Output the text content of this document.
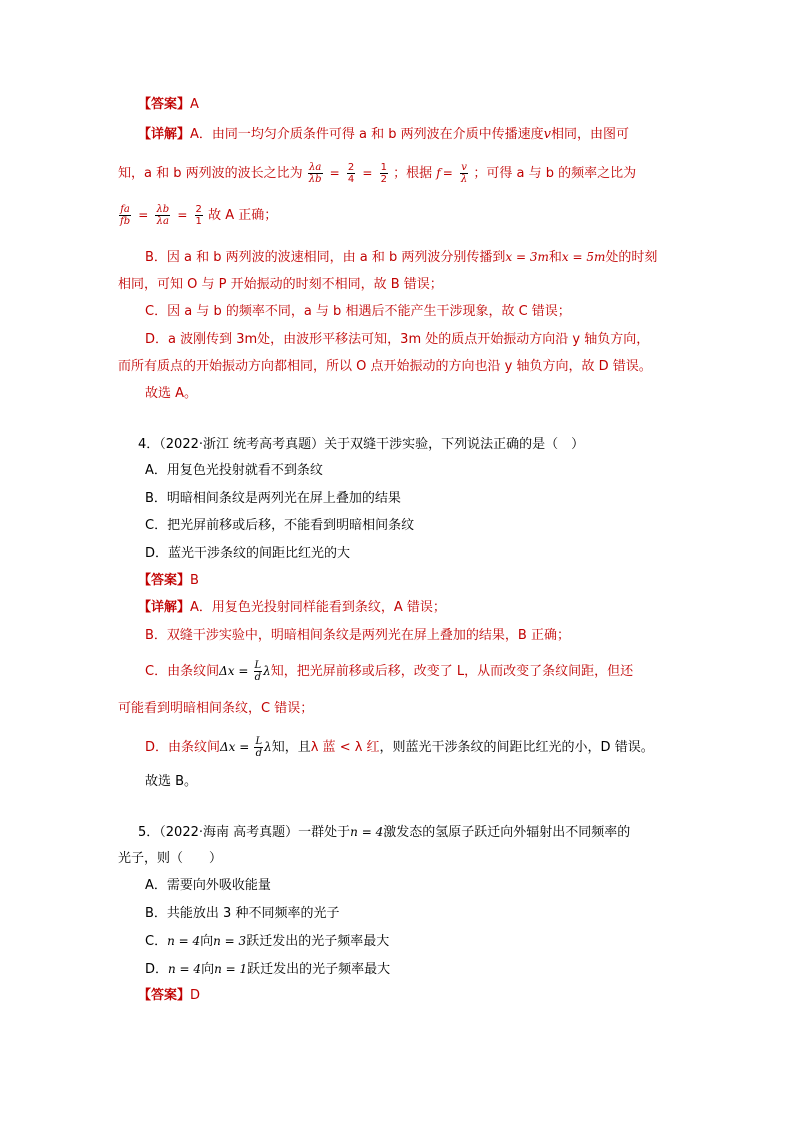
【答案】A
【详解】A．由同一均匀介质条件可得 a 和 b 两列波在介质中传播速度v相同，由图可
知，a 和 b 两列波的波长之比为 $\frac{\lambda a}{\lambda b} = \frac{2}{4} = \frac{1}{2}$ ；根据 $f = \frac{v}{\lambda}$ ；可得 a 与 b 的频率之比为
$\frac{fa}{fb} = \frac{\lambda b}{\lambda a} = \frac{2}{1}$ 故 A 正确；
B．因 a 和 b 两列波的波速相同，由 a 和 b 两列波分别传播到x = 3m和x = 5m处的时刻
相同，可知 O 与 P 开始振动的时刻不相同，故 B 错误；
C．因 a 与 b 的频率不同，a 与 b 相遇后不能产生干涉现象，故 C 错误；
D．a 波刚传到 3m处，由波形平移法可知，3m 处的质点开始振动方向沿 y 轴负方向，
而所有质点的开始振动方向都相同，所以 O 点开始振动的方向也沿 y 轴负方向，故 D 错误。
故选 A。
4．（2022·浙江 统考高考真题）关于双缝干涉实验，下列说法正确的是（　）
A．用复色光投射就看不到条纹
B．明暗相间条纹是两列光在屏上叠加的结果
C．把光屏前移或后移，不能看到明暗相间条纹
D．蓝光干涉条纹的间距比红光的大
【答案】B
【详解】A．用复色光投射同样能看到条纹，A 错误；
B．双缝干涉实验中，明暗相间条纹是两列光在屏上叠加的结果，B 正确；
C．由条纹间$\Delta x = \frac{L}{d}$ λ知，把光屏前移或后移，改变了 L，从而改变了条纹间距，但还
可能看到明暗相间条纹，C 错误；
D．由条纹间$\Delta x = \frac{L}{d}$ λ知，且λ 蓝 < λ 红，则蓝光干涉条纹的间距比红光的小，D 错误。
故选 B。
5．（2022·海南 高考真题）一群处于n = 4激发态的氢原子跃迁向外辐射出不同频率的
光子，则（　　）
A．需要向外吸收能量
B．共能放出 3 种不同频率的光子
C．n = 4向n = 3跃迁发出的光子频率最大
D．n = 4向n = 1跃迁发出的光子频率最大
【答案】D
